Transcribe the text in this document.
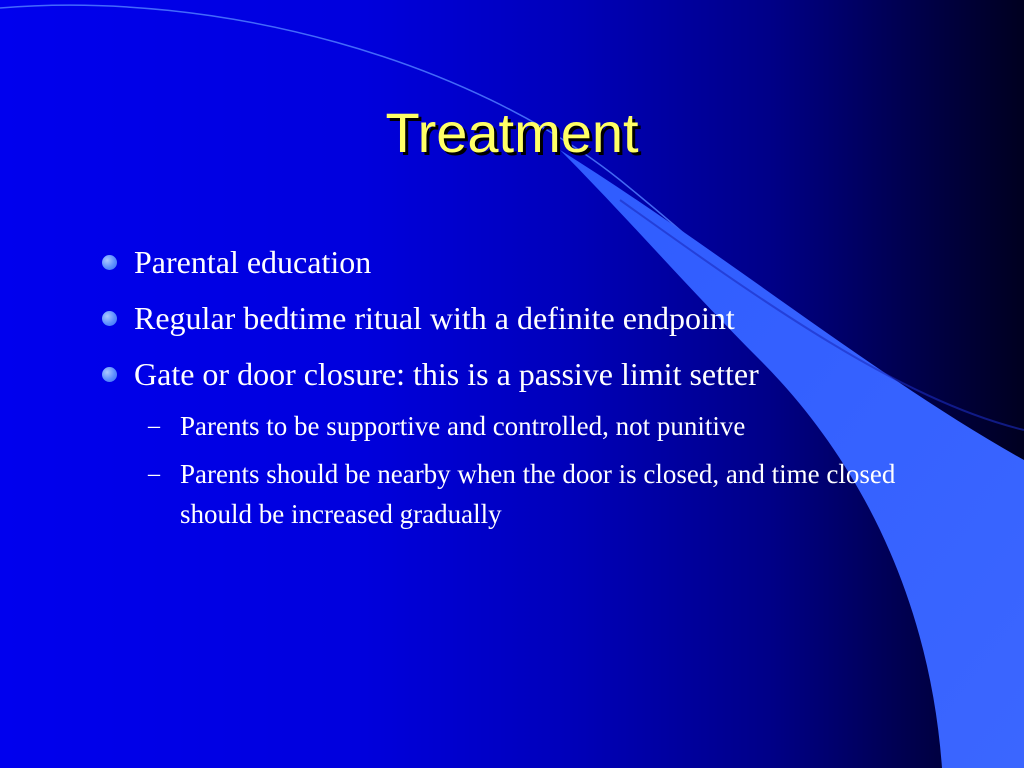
Treatment
Parental education
Regular bedtime ritual with a definite endpoint
Gate or door closure: this is a passive limit setter
– Parents to be supportive and controlled, not punitive
– Parents should be nearby when the door is closed, and time closed should be increased gradually
